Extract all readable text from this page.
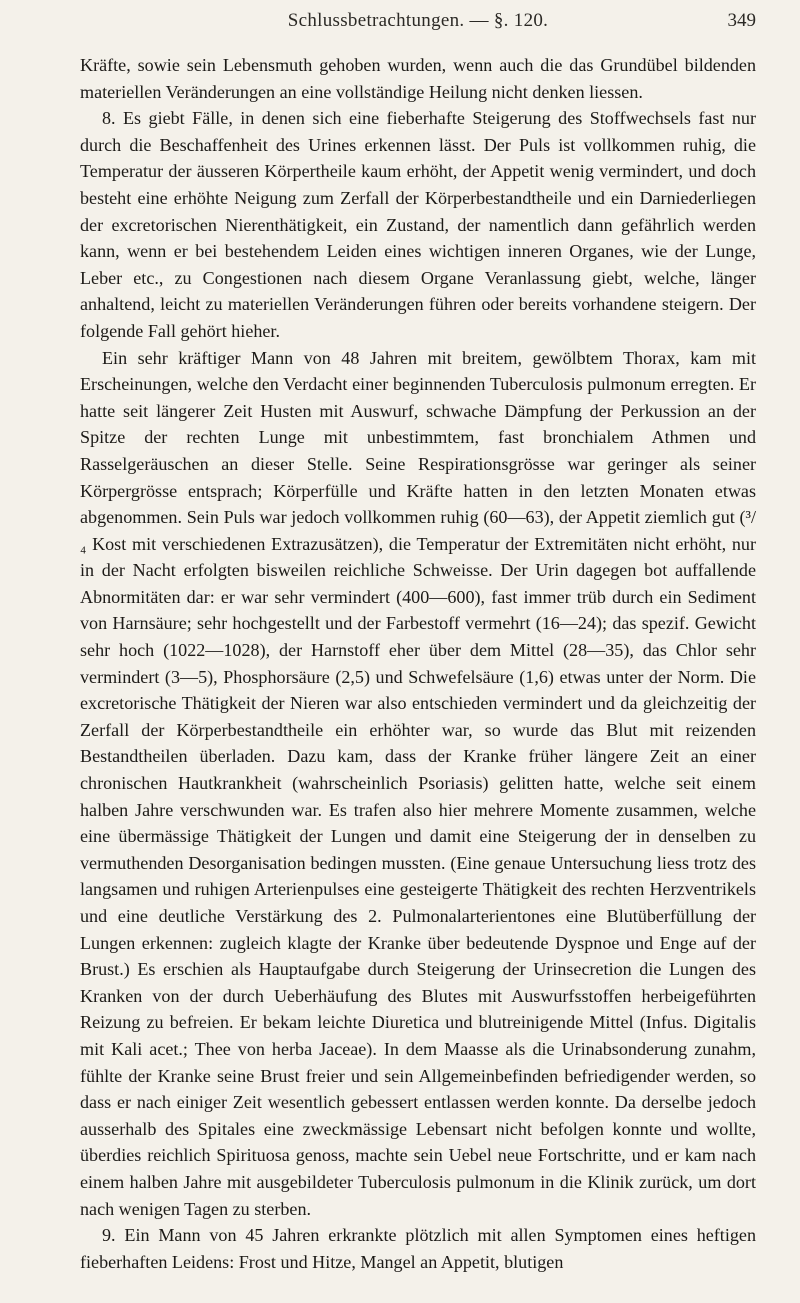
Schlussbetrachtungen. — §. 120.	349

Kräfte, sowie sein Lebensmuth gehoben wurden, wenn auch die das Grundübel bildenden materiellen Veränderungen an eine vollständige Heilung nicht denken liessen.

8. Es giebt Fälle, in denen sich eine fieberhafte Steigerung des Stoffwechsels fast nur durch die Beschaffenheit des Urines erkennen lässt. Der Puls ist vollkommen ruhig, die Temperatur der äusseren Körpertheile kaum erhöht, der Appetit wenig vermindert, und doch besteht eine erhöhte Neigung zum Zerfall der Körperbestandtheile und ein Darniederliegen der excretorischen Nierenthätigkeit, ein Zustand, der namentlich dann gefährlich werden kann, wenn er bei bestehendem Leiden eines wichtigen inneren Organes, wie der Lunge, Leber etc., zu Congestionen nach diesem Organe Veranlassung giebt, welche, länger anhaltend, leicht zu materiellen Veränderungen führen oder bereits vorhandene steigern. Der folgende Fall gehört hieher.

Ein sehr kräftiger Mann von 48 Jahren mit breitem, gewölbtem Thorax, kam mit Erscheinungen, welche den Verdacht einer beginnenden Tuberculosis pulmonum erregten. Er hatte seit längerer Zeit Husten mit Auswurf, schwache Dämpfung der Perkussion an der Spitze der rechten Lunge mit unbestimmtem, fast bronchialem Athmen und Rasselgeräuschen an dieser Stelle. Seine Respirationsgrösse war geringer als seiner Körpergrösse entsprach; Körperfülle und Kräfte hatten in den letzten Monaten etwas abgenommen. Sein Puls war jedoch vollkommen ruhig (60—63), der Appetit ziemlich gut (³/₄ Kost mit verschiedenen Extrazusätzen), die Temperatur der Extremitäten nicht erhöht, nur in der Nacht erfolgten bisweilen reichliche Schweisse. Der Urin dagegen bot auffallende Abnormitäten dar: er war sehr vermindert (400—600), fast immer trüb durch ein Sediment von Harnsäure; sehr hochgestellt und der Farbestoff vermehrt (16—24); das spezif. Gewicht sehr hoch (1022—1028), der Harnstoff eher über dem Mittel (28—35), das Chlor sehr vermindert (3—5), Phosphorsäure (2,5) und Schwefelsäure (1,6) etwas unter der Norm. Die excretorische Thätigkeit der Nieren war also entschieden vermindert und da gleichzeitig der Zerfall der Körperbestandtheile ein erhöhter war, so wurde das Blut mit reizenden Bestandtheilen überladen. Dazu kam, dass der Kranke früher längere Zeit an einer chronischen Hautkrankheit (wahrscheinlich Psoriasis) gelitten hatte, welche seit einem halben Jahre verschwunden war. Es trafen also hier mehrere Momente zusammen, welche eine übermässige Thätigkeit der Lungen und damit eine Steigerung der in denselben zu vermuthenden Desorganisation bedingen mussten. (Eine genaue Untersuchung liess trotz des langsamen und ruhigen Arterienpulses eine gesteigerte Thätigkeit des rechten Herzventrikels und eine deutliche Verstärkung des 2. Pulmonalarterientones eine Blutüberfüllung der Lungen erkennen: zugleich klagte der Kranke über bedeutende Dyspnoe und Enge auf der Brust.) Es erschien als Hauptaufgabe durch Steigerung der Urinsecretion die Lungen des Kranken von der durch Ueberhäufung des Blutes mit Auswurfsstoffen herbeigeführten Reizung zu befreien. Er bekam leichte Diuretica und blutreinigende Mittel (Infus. Digitalis mit Kali acet.; Thee von herba Jaceae). In dem Maasse als die Urinabsonderung zunahm, fühlte der Kranke seine Brust freier und sein Allgemeinbefinden befriedigender werden, so dass er nach einiger Zeit wesentlich gebessert entlassen werden konnte. Da derselbe jedoch ausserhalb des Spitales eine zweckmässige Lebensart nicht befolgen konnte und wollte, überdies reichlich Spirituosa genoss, machte sein Uebel neue Fortschritte, und er kam nach einem halben Jahre mit ausgebildeter Tuberculosis pulmonum in die Klinik zurück, um dort nach wenigen Tagen zu sterben.

9. Ein Mann von 45 Jahren erkrankte plötzlich mit allen Symptomen eines heftigen fieberhaften Leidens: Frost und Hitze, Mangel an Appetit, blutigen
